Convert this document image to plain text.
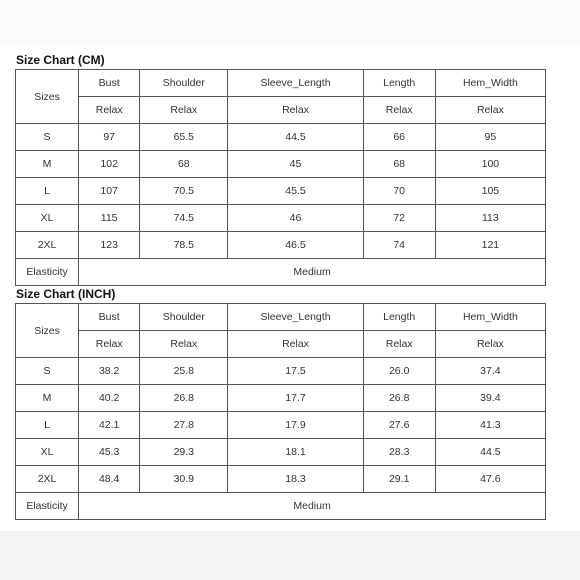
Size Chart (CM)
Sizes	Bust	Shoulder	Sleeve_Length	Length	Hem_Width
	Relax	Relax	Relax	Relax	Relax
S	97	65.5	44.5	66	95
M	102	68	45	68	100
L	107	70.5	45.5	70	105
XL	115	74.5	46	72	113
2XL	123	78.5	46.5	74	121
Elasticity	Medium				
Size Chart (INCH)
Sizes	Bust	Shoulder	Sleeve_Length	Length	Hem_Width
	Relax	Relax	Relax	Relax	Relax
S	38.2	25.8	17.5	26.0	37.4
M	40.2	26.8	17.7	26.8	39.4
L	42.1	27.8	17.9	27.6	41.3
XL	45.3	29.3	18.1	28.3	44.5
2XL	48.4	30.9	18.3	29.1	47.6
Elasticity	Medium				
